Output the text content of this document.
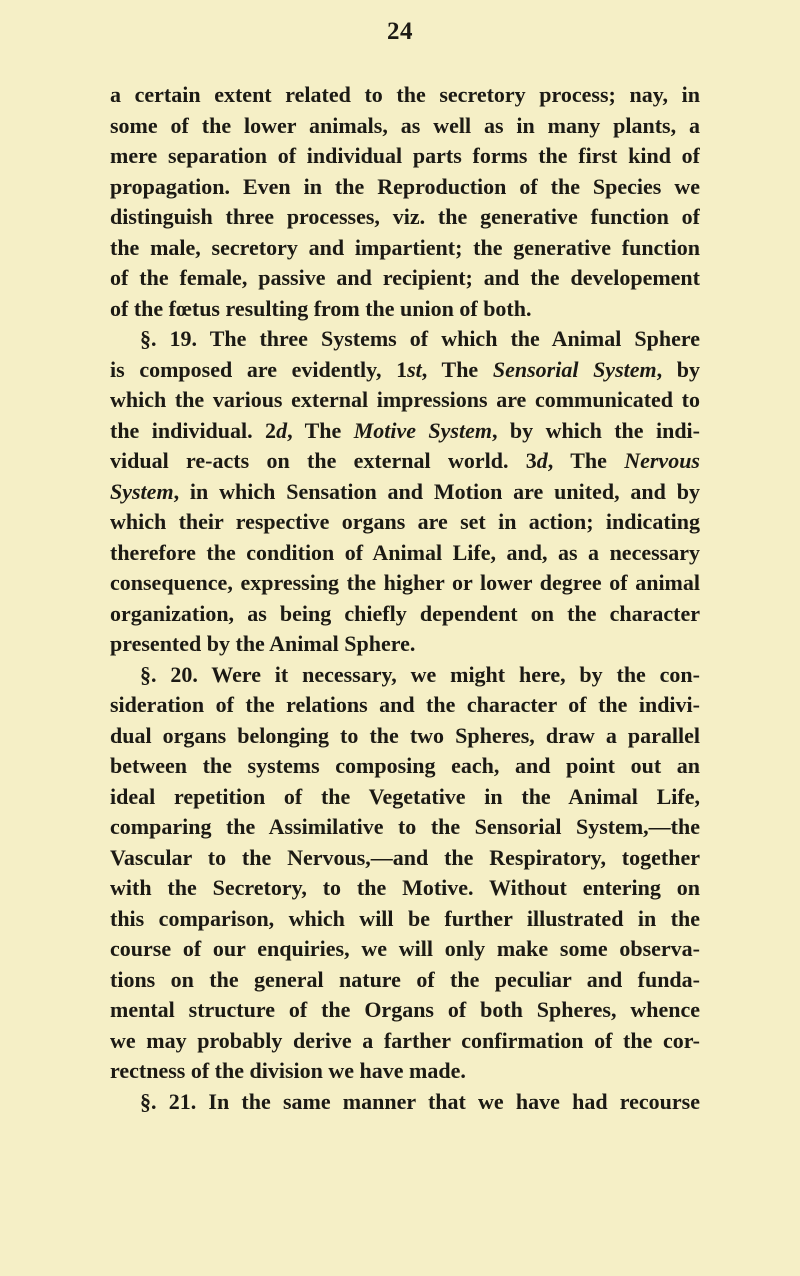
24
a certain extent related to the secretory process; nay, in
some of the lower animals, as well as in many plants, a
mere separation of individual parts forms the first kind of
propagation. Even in the Reproduction of the Species we
distinguish three processes, viz. the generative function of
the male, secretory and impartient; the generative function
of the female, passive and recipient; and the developement
of the fœtus resulting from the union of both.
§. 19. The three Systems of which the Animal Sphere
is composed are evidently, 1st, The Sensorial System, by
which the various external impressions are communicated to
the individual. 2d, The Motive System, by which the indi-
vidual re-acts on the external world. 3d, The Nervous
System, in which Sensation and Motion are united, and by
which their respective organs are set in action; indicating
therefore the condition of Animal Life, and, as a necessary
consequence, expressing the higher or lower degree of animal
organization, as being chiefly dependent on the character
presented by the Animal Sphere.
§. 20. Were it necessary, we might here, by the con-
sideration of the relations and the character of the indivi-
dual organs belonging to the two Spheres, draw a parallel
between the systems composing each, and point out an
ideal repetition of the Vegetative in the Animal Life,
comparing the Assimilative to the Sensorial System,—the
Vascular to the Nervous,—and the Respiratory, together
with the Secretory, to the Motive. Without entering on
this comparison, which will be further illustrated in the
course of our enquiries, we will only make some observa-
tions on the general nature of the peculiar and funda-
mental structure of the Organs of both Spheres, whence
we may probably derive a farther confirmation of the cor-
rectness of the division we have made.
§. 21. In the same manner that we have had recourse
